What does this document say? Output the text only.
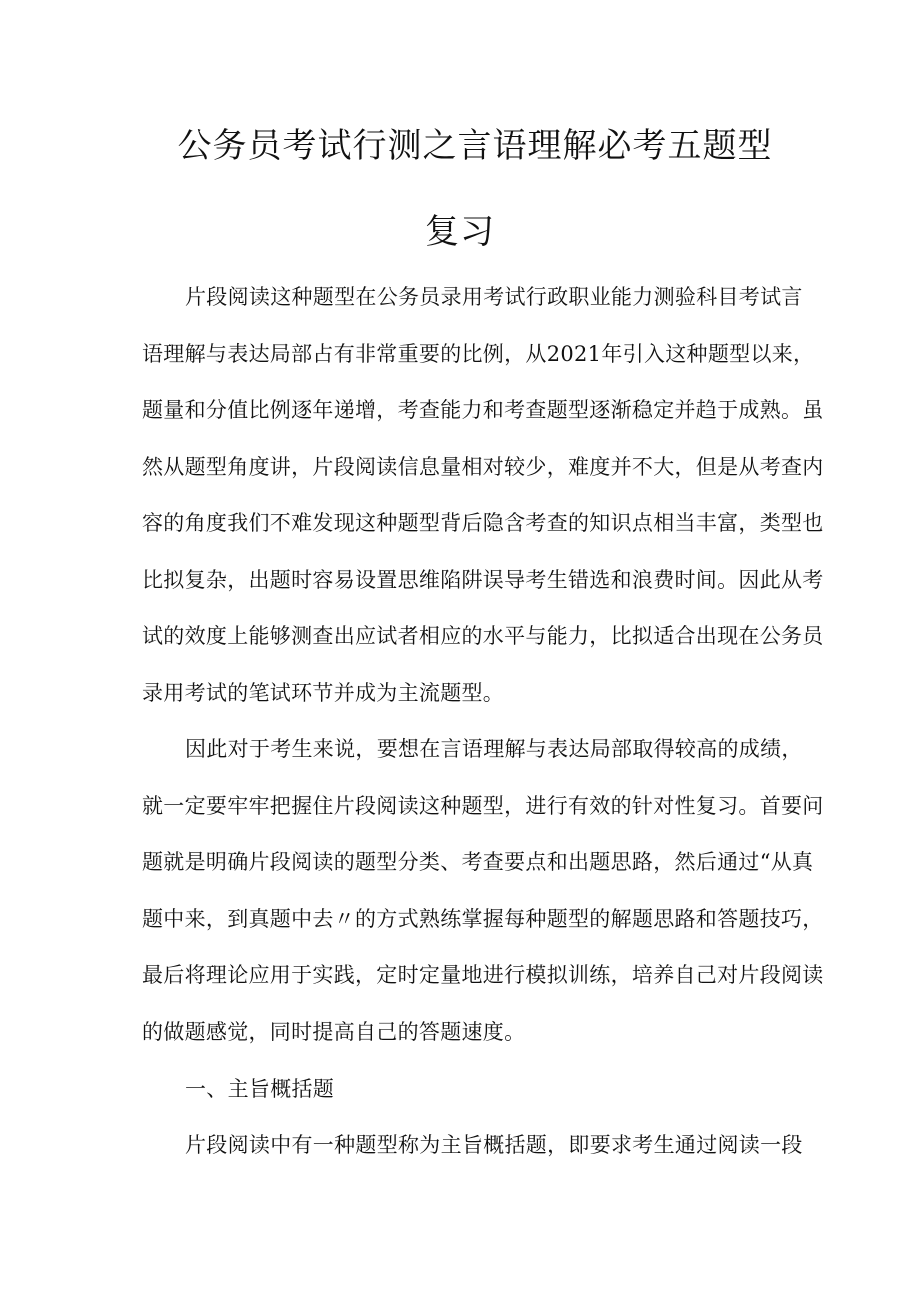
公务员考试行测之言语理解必考五题型
复习

片段阅读这种题型在公务员录用考试行政职业能力测验科目考试言

语理解与表达局部占有非常重要的比例，从2021年引入这种题型以来，

题量和分值比例逐年递增，考查能力和考查题型逐渐稳定并趋于成熟。虽

然从题型角度讲，片段阅读信息量相对较少，难度并不大，但是从考查内

容的角度我们不难发现这种题型背后隐含考查的知识点相当丰富，类型也

比拟复杂，出题时容易设置思维陷阱误导考生错选和浪费时间。因此从考

试的效度上能够测查出应试者相应的水平与能力，比拟适合出现在公务员

录用考试的笔试环节并成为主流题型。

因此对于考生来说，要想在言语理解与表达局部取得较高的成绩，

就一定要牢牢把握住片段阅读这种题型，进行有效的针对性复习。首要问

题就是明确片段阅读的题型分类、考查要点和出题思路，然后通过“从真

题中来，到真题中去〃的方式熟练掌握每种题型的解题思路和答题技巧，

最后将理论应用于实践，定时定量地进行模拟训练，培养自己对片段阅读

的做题感觉，同时提高自己的答题速度。

一、主旨概括题

片段阅读中有一种题型称为主旨概括题，即要求考生通过阅读一段
